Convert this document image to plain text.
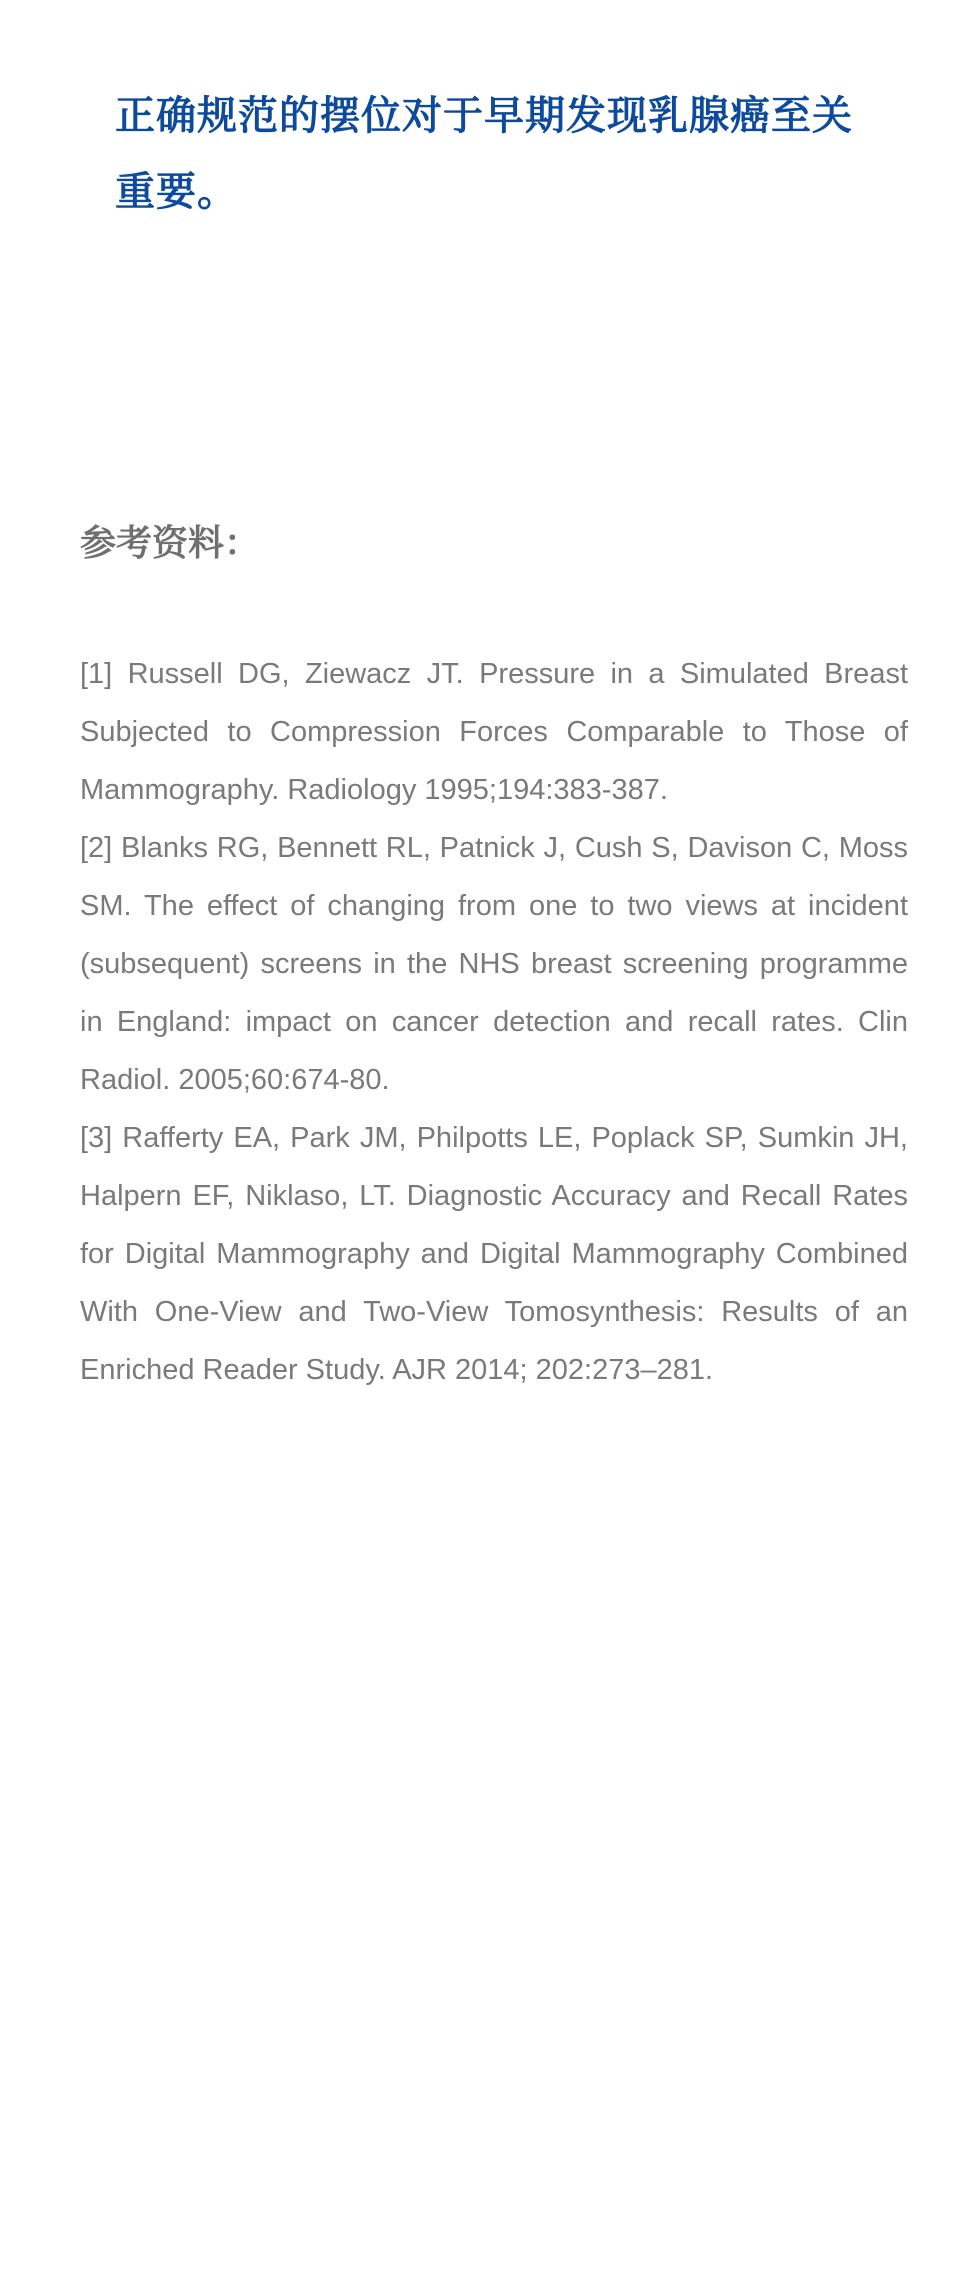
正确规范的摆位对于早期发现乳腺癌至关重要。
参考资料：
[1] Russell DG, Ziewacz JT. Pressure in a Simulated Breast Subjected to Compression Forces Comparable to Those of Mammography. Radiology 1995;194:383-387.
[2] Blanks RG, Bennett RL, Patnick J, Cush S, Davison C, Moss SM. The effect of changing from one to two views at incident (subsequent) screens in the NHS breast screening programme in England: impact on cancer detection and recall rates. Clin Radiol. 2005;60:674-80.
[3] Rafferty EA, Park JM, Philpotts LE, Poplack SP, Sumkin JH, Halpern EF, Niklaso, LT. Diagnostic Accuracy and Recall Rates for Digital Mammography and Digital Mammography Combined With One-View and Two-View Tomosynthesis: Results of an Enriched Reader Study. AJR 2014; 202:273–281.
